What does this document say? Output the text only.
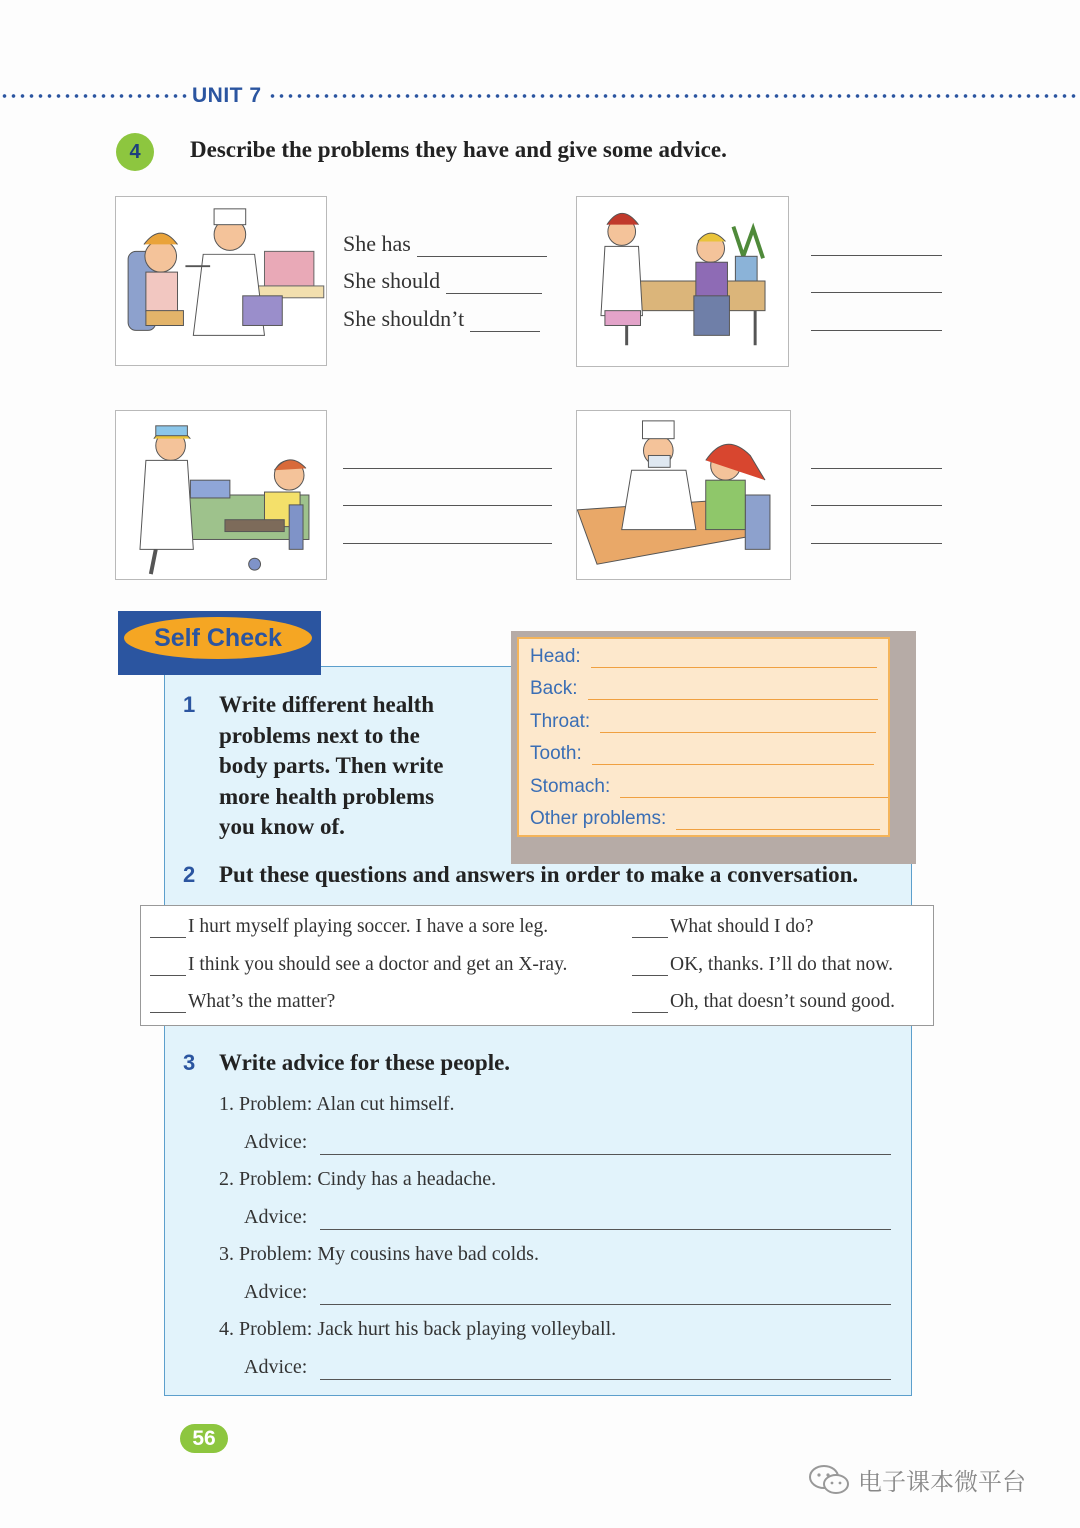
UNIT 7
4	Describe the problems they have and give some advice.
She has
She should
She shouldn’t
Self Check
1 Write different health
problems next to the
body parts. Then write
more health problems
you know of.
Head:
Back:
Throat:
Tooth:
Stomach:
Other problems:
2 Put these questions and answers in order to make a conversation.
I hurt myself playing soccer. I have a sore leg.
I think you should see a doctor and get an X-ray.
What’s the matter?
What should I do?
OK, thanks. I’ll do that now.
Oh, that doesn’t sound good.
3 Write advice for these people.
1. Problem: Alan cut himself.
Advice:
2. Problem: Cindy has a headache.
Advice:
3. Problem: My cousins have bad colds.
Advice:
4. Problem: Jack hurt his back playing volleyball.
Advice:
56
电子课本微平台
